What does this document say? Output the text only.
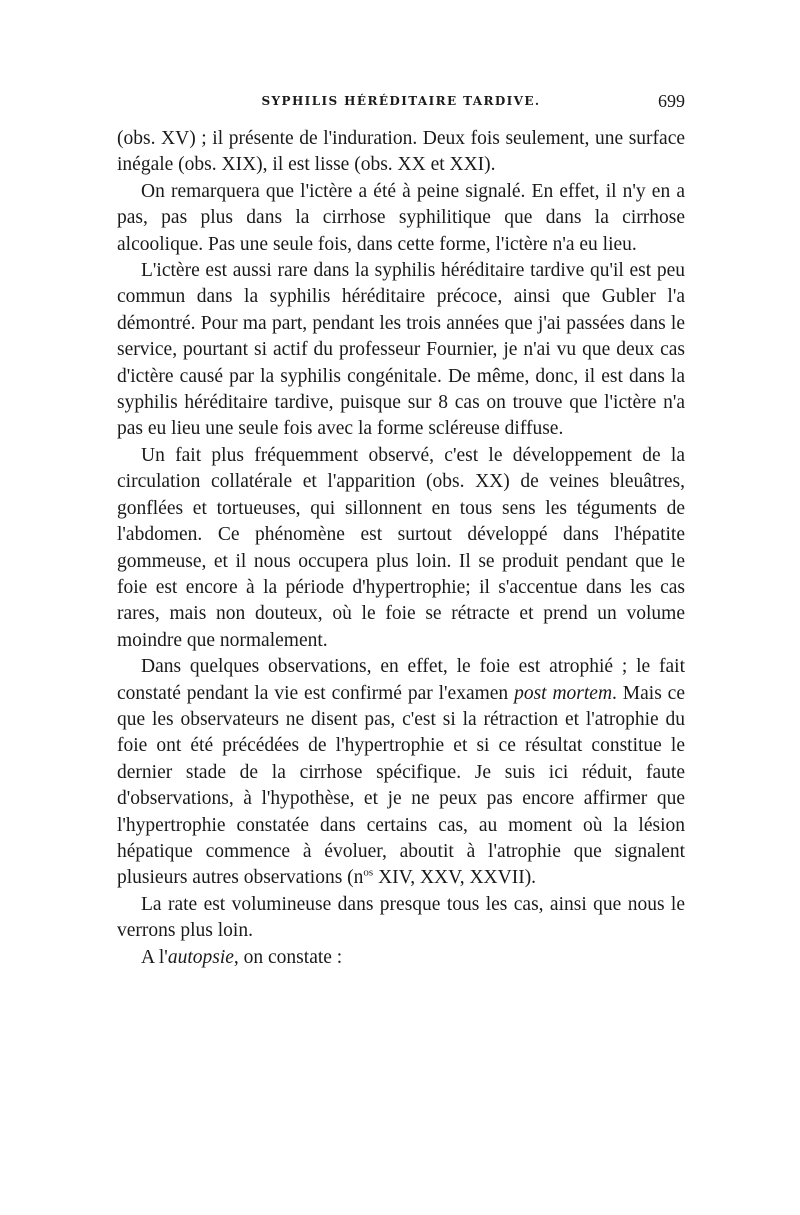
SYPHILIS HÉRÉDITAIRE TARDIVE.	699

(obs. XV) ; il présente de l'induration. Deux fois seulement, une surface inégale (obs. XIX), il est lisse (obs. XX et XXI).

On remarquera que l'ictère a été à peine signalé. En effet, il n'y en a pas, pas plus dans la cirrhose syphilitique que dans la cirrhose alcoolique. Pas une seule fois, dans cette forme, l'ictère n'a eu lieu.

L'ictère est aussi rare dans la syphilis héréditaire tardive qu'il est peu commun dans la syphilis héréditaire précoce, ainsi que Gubler l'a démontré. Pour ma part, pendant les trois années que j'ai passées dans le service, pourtant si actif du professeur Fournier, je n'ai vu que deux cas d'ictère causé par la syphilis congénitale. De même, donc, il est dans la syphilis héréditaire tardive, puisque sur 8 cas on trouve que l'ictère n'a pas eu lieu une seule fois avec la forme scléreuse diffuse.

Un fait plus fréquemment observé, c'est le développement de la circulation collatérale et l'apparition (obs. XX) de veines bleuâtres, gonflées et tortueuses, qui sillonnent en tous sens les téguments de l'abdomen. Ce phénomène est surtout développé dans l'hépatite gommeuse, et il nous occupera plus loin. Il se produit pendant que le foie est encore à la période d'hypertrophie; il s'accentue dans les cas rares, mais non douteux, où le foie se rétracte et prend un volume moindre que normalement.

Dans quelques observations, en effet, le foie est atrophié ; le fait constaté pendant la vie est confirmé par l'examen post mortem. Mais ce que les observateurs ne disent pas, c'est si la rétraction et l'atrophie du foie ont été précédées de l'hypertrophie et si ce résultat constitue le dernier stade de la cirrhose spécifique. Je suis ici réduit, faute d'observations, à l'hypothèse, et je ne peux pas encore affirmer que l'hypertrophie constatée dans certains cas, au moment où la lésion hépatique commence à évoluer, aboutit à l'atrophie que signalent plusieurs autres observations ($n^{os}$ XIV, XXV, XXVII).

La rate est volumineuse dans presque tous les cas, ainsi que nous le verrons plus loin.

A l'autopsie, on constate :
